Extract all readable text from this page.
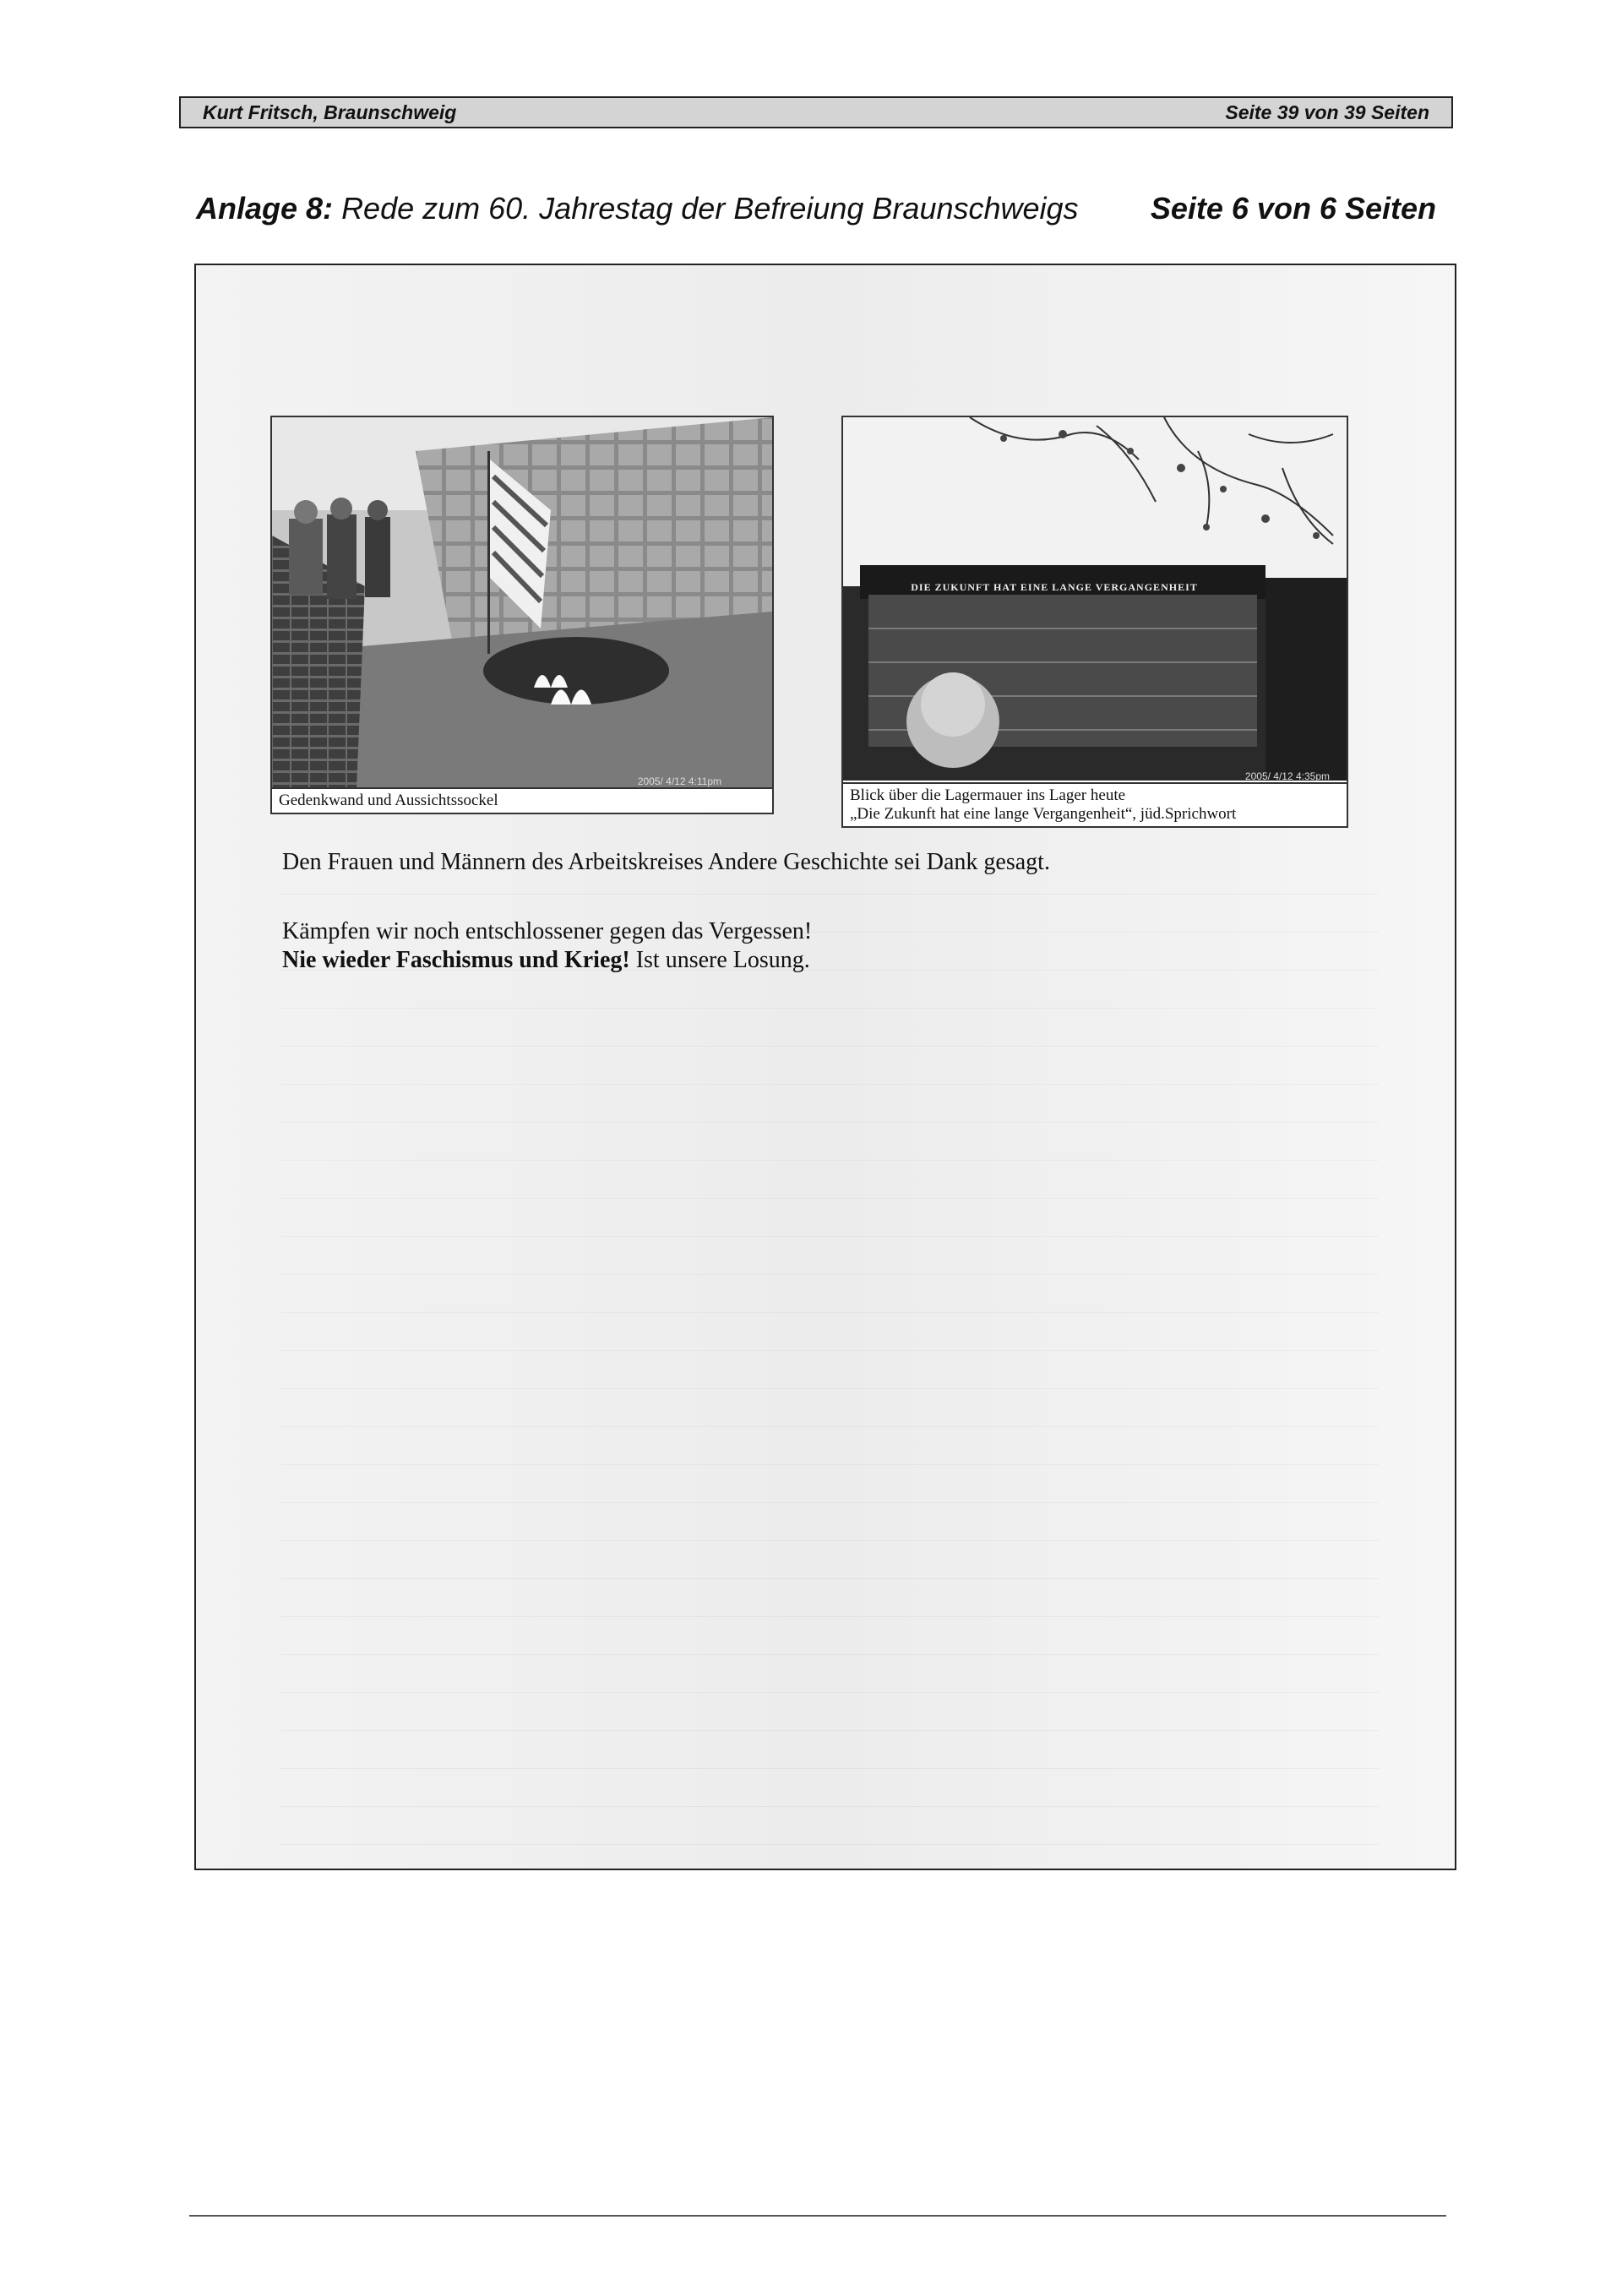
Kurt Fritsch, Braunschweig	Seite 39 von 39 Seiten
Anlage 8: Rede zum 60. Jahrestag der Befreiung Braunschweigs Seite 6 von 6 Seiten
2005/ 4/12 4:11pm
Gedenkwand und Aussichtssockel
DIE ZUKUNFT HAT EINE LANGE VERGANGENHEIT
2005/ 4/12 4:35pm
Blick über die Lagermauer ins Lager heute
„Die Zukunft hat eine lange Vergangenheit“, jüd.Sprichwort
Den Frauen und Männern des Arbeitskreises Andere Geschichte sei Dank gesagt.
Kämpfen wir noch entschlossener gegen das Vergessen!
Nie wieder Faschismus und Krieg! Ist unsere Losung.
